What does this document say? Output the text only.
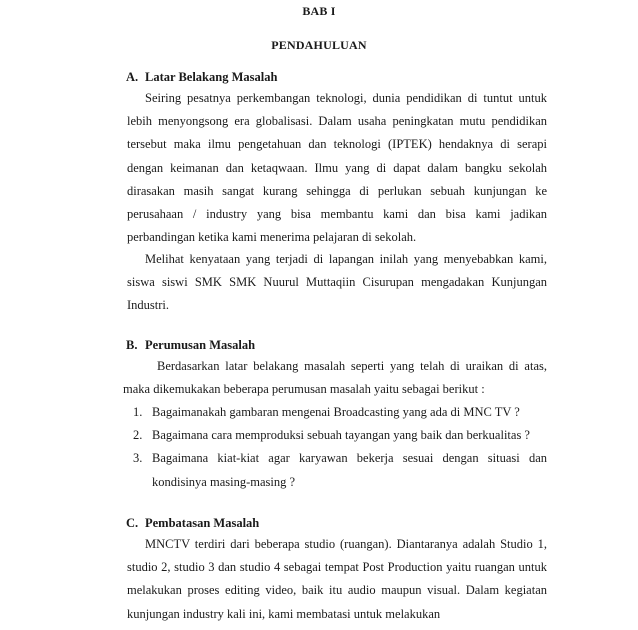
BAB I
PENDAHULUAN
A. Latar Belakang Masalah

Seiring pesatnya perkembangan teknologi, dunia pendidikan di tuntut untuk lebih menyongsong era globalisasi. Dalam usaha peningkatan mutu pendidikan tersebut maka ilmu pengetahuan dan teknologi (IPTEK) hendaknya di serapi dengan keimanan dan ketaqwaan. Ilmu yang di dapat dalam bangku sekolah dirasakan masih sangat kurang sehingga di perlukan sebuah kunjungan ke perusahaan / industry yang bisa membantu kami dan bisa kami jadikan perbandingan ketika kami menerima pelajaran di sekolah.

Melihat kenyataan yang terjadi di lapangan inilah yang menyebabkan kami, siswa siswi SMK SMK Nuurul Muttaqiin Cisurupan mengadakan Kunjungan Industri.

B. Perumusan Masalah

Berdasarkan latar belakang masalah seperti yang telah di uraikan di atas, maka dikemukakan beberapa perumusan masalah yaitu sebagai berikut :

1. Bagaimanakah gambaran mengenai Broadcasting yang ada di MNC TV ?
2. Bagaimana cara memproduksi sebuah tayangan yang baik dan berkualitas ?
3. Bagaimana kiat-kiat agar karyawan bekerja sesuai dengan situasi dan kondisinya masing-masing ?
C. Pembatasan Masalah

MNCTV terdiri dari beberapa studio (ruangan). Diantaranya adalah Studio 1, studio 2, studio 3 dan studio 4 sebagai tempat Post Production yaitu ruangan untuk melakukan proses editing video, baik itu audio maupun visual. Dalam kegiatan kunjungan industry kali ini, kami membatasi untuk melakukan
